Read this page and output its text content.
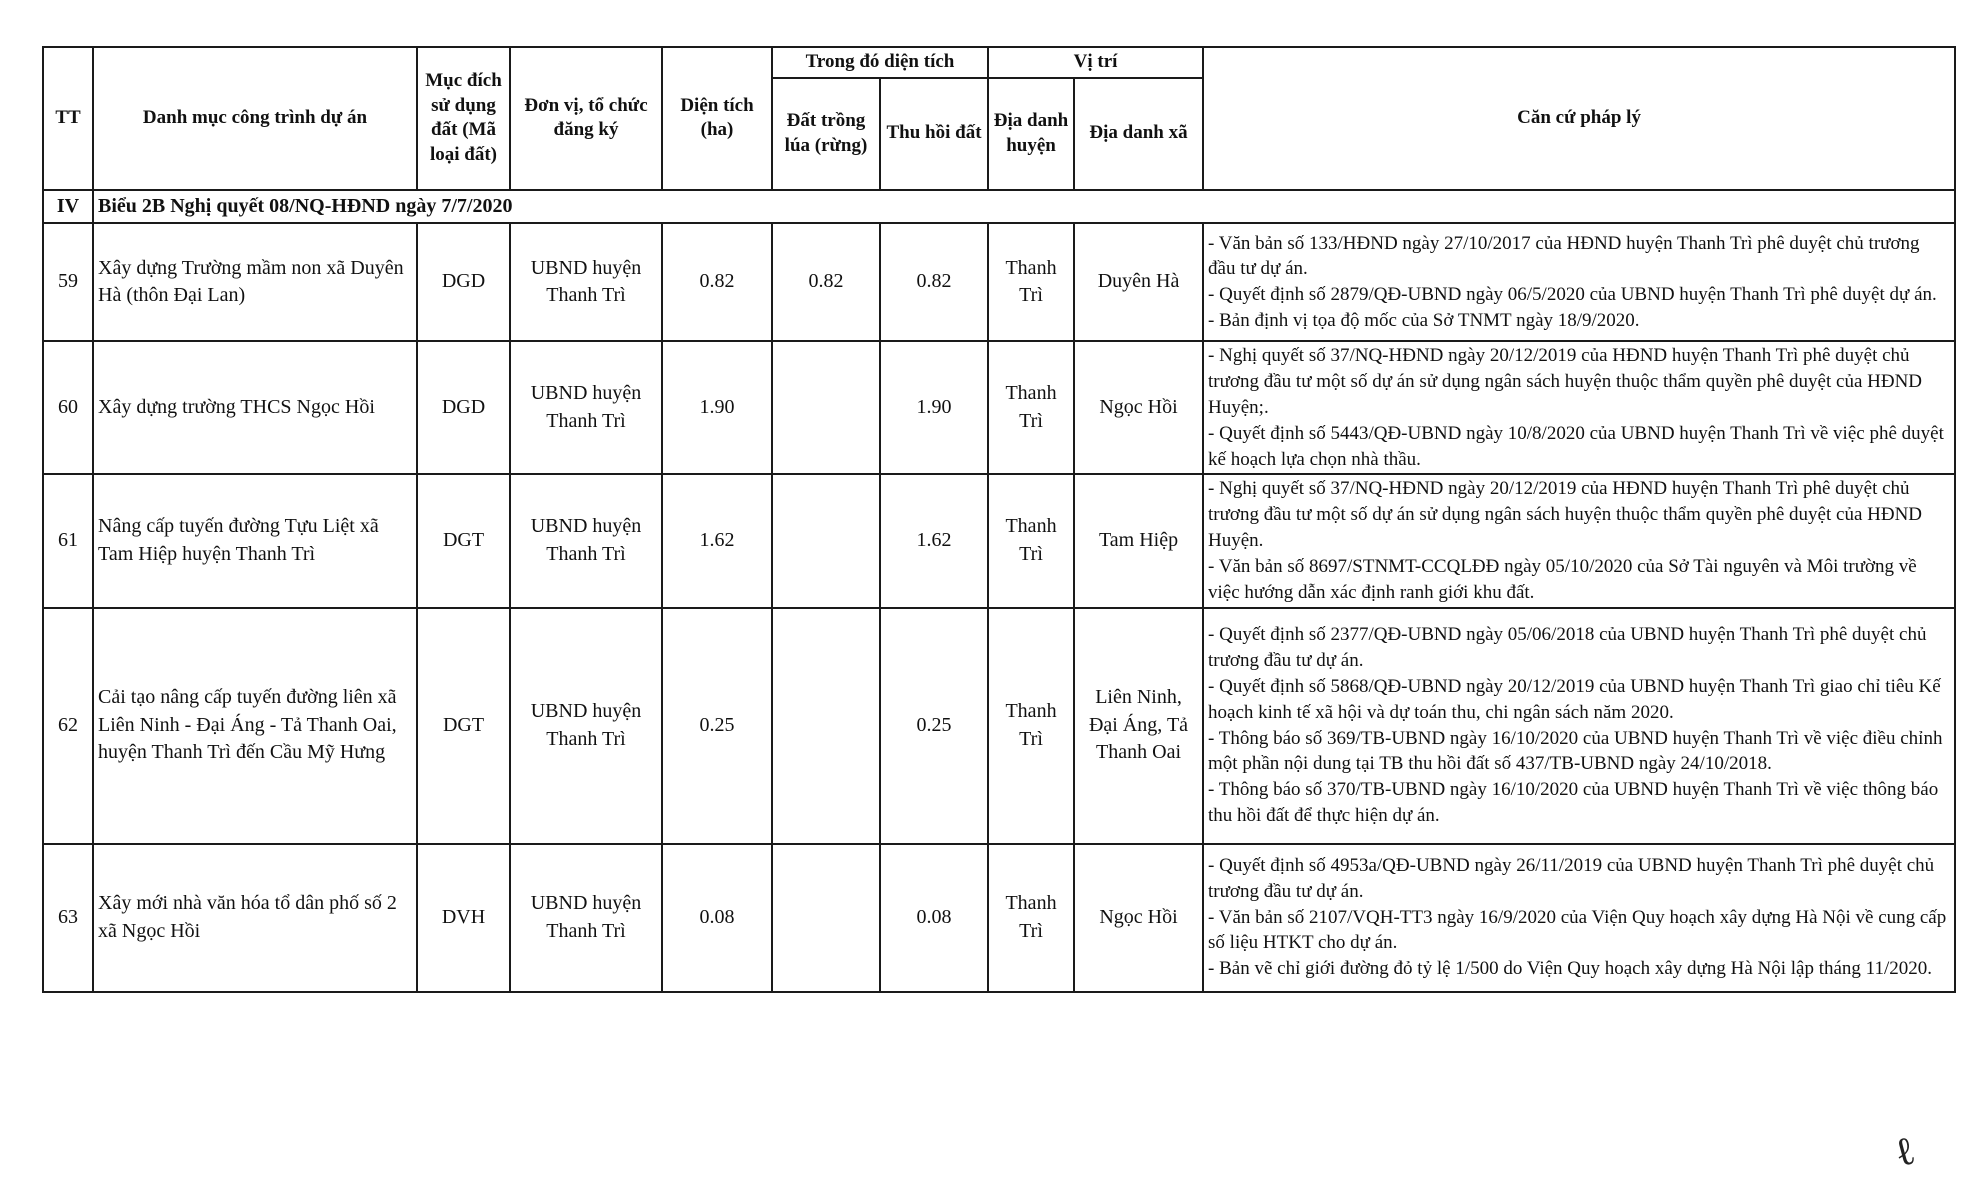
TT	Danh mục công trình dự án	Mục đích sử dụng đất (Mã loại đất)	Đơn vị, tổ chức đăng ký	Diện tích (ha)	Trong đó diện tích		Vị trí		Căn cứ pháp lý
					Đất trồng lúa (rừng)	Thu hồi đất	Địa danh huyện	Địa danh xã	
IV	Biểu 2B Nghị quyết 08/NQ-HĐND ngày 7/7/2020								
59	Xây dựng Trường mầm non xã Duyên Hà (thôn Đại Lan)	DGD	UBND huyện Thanh Trì	0.82	0.82	0.82	Thanh Trì	Duyên Hà	- Văn bản số 133/HĐND ngày 27/10/2017 của HĐND huyện Thanh Trì phê duyệt chủ trương đầu tư dự án.
- Quyết định số 2879/QĐ-UBND ngày 06/5/2020 của UBND huyện Thanh Trì phê duyệt dự án.
- Bản định vị tọa độ mốc của Sở TNMT ngày 18/9/2020.

60	Xây dựng trường THCS Ngọc Hồi	DGD	UBND huyện Thanh Trì	1.90		1.90	Thanh Trì	Ngọc Hồi	- Nghị quyết số 37/NQ-HĐND ngày 20/12/2019 của HĐND huyện Thanh Trì phê duyệt chủ trương đầu tư một số dự án sử dụng ngân sách huyện thuộc thẩm quyền phê duyệt của HĐND Huyện;.
- Quyết định số 5443/QĐ-UBND ngày 10/8/2020 của UBND huyện Thanh Trì về việc phê duyệt kế hoạch lựa chọn nhà thầu.

61	Nâng cấp tuyến đường Tựu Liệt xã Tam Hiệp huyện Thanh Trì	DGT	UBND huyện Thanh Trì	1.62		1.62	Thanh Trì	Tam Hiệp	- Nghị quyết số 37/NQ-HĐND ngày 20/12/2019 của HĐND huyện Thanh Trì phê duyệt chủ trương đầu tư một số dự án sử dụng ngân sách huyện thuộc thẩm quyền phê duyệt của HĐND Huyện.
- Văn bản số 8697/STNMT-CCQLĐĐ ngày 05/10/2020 của Sở Tài nguyên và Môi trường về việc hướng dẫn xác định ranh giới khu đất.

62	Cải tạo nâng cấp tuyến đường liên xã Liên Ninh - Đại Áng - Tả Thanh Oai, huyện Thanh Trì đến Cầu Mỹ Hưng	DGT	UBND huyện Thanh Trì	0.25		0.25	Thanh Trì	Liên Ninh, Đại Áng, Tả Thanh Oai	- Quyết định số 2377/QĐ-UBND ngày 05/06/2018 của UBND huyện Thanh Trì phê duyệt chủ trương đầu tư dự án.
- Quyết định số 5868/QĐ-UBND ngày 20/12/2019 của UBND huyện Thanh Trì giao chỉ tiêu Kế hoạch kinh tế xã hội và dự toán thu, chi ngân sách năm 2020.
- Thông báo số 369/TB-UBND ngày 16/10/2020 của UBND huyện Thanh Trì về việc điều chỉnh một phần nội dung tại TB thu hồi đất số 437/TB-UBND ngày 24/10/2018.
- Thông báo số 370/TB-UBND ngày 16/10/2020 của UBND huyện Thanh Trì về việc thông báo thu hồi đất để thực hiện dự án.

63	Xây mới nhà văn hóa tổ dân phố số 2 xã Ngọc Hồi	DVH	UBND huyện Thanh Trì	0.08		0.08	Thanh Trì	Ngọc Hồi	- Quyết định số 4953a/QĐ-UBND ngày 26/11/2019 của UBND huyện Thanh Trì phê duyệt chủ trương đầu tư dự án.
- Văn bản số 2107/VQH-TT3 ngày 16/9/2020 của Viện Quy hoạch xây dựng Hà Nội về cung cấp số liệu HTKT cho dự án.
- Bản vẽ chỉ giới đường đỏ tỷ lệ 1/500 do Viện Quy hoạch xây dựng Hà Nội lập tháng 11/2020.
ℓ
